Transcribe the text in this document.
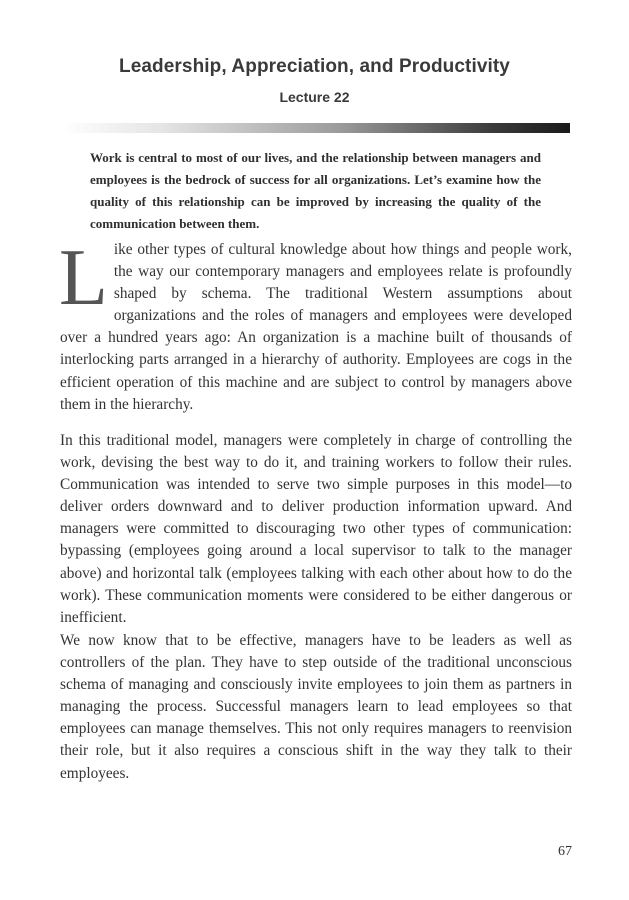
Leadership, Appreciation, and Productivity
Lecture 22
Work is central to most of our lives, and the relationship between managers and employees is the bedrock of success for all organizations. Let’s examine how the quality of this relationship can be improved by increasing the quality of the communication between them.
Like other types of cultural knowledge about how things and people work, the way our contemporary managers and employees relate is profoundly shaped by schema. The traditional Western assumptions about organizations and the roles of managers and employees were developed over a hundred years ago: An organization is a machine built of thousands of interlocking parts arranged in a hierarchy of authority. Employees are cogs in the efficient operation of this machine and are subject to control by managers above them in the hierarchy.
In this traditional model, managers were completely in charge of controlling the work, devising the best way to do it, and training workers to follow their rules. Communication was intended to serve two simple purposes in this model—to deliver orders downward and to deliver production information upward. And managers were committed to discouraging two other types of communication: bypassing (employees going around a local supervisor to talk to the manager above) and horizontal talk (employees talking with each other about how to do the work). These communication moments were considered to be either dangerous or inefficient.
We now know that to be effective, managers have to be leaders as well as controllers of the plan. They have to step outside of the traditional unconscious schema of managing and consciously invite employees to join them as partners in managing the process. Successful managers learn to lead employees so that employees can manage themselves. This not only requires managers to reenvision their role, but it also requires a conscious shift in the way they talk to their employees.
67
